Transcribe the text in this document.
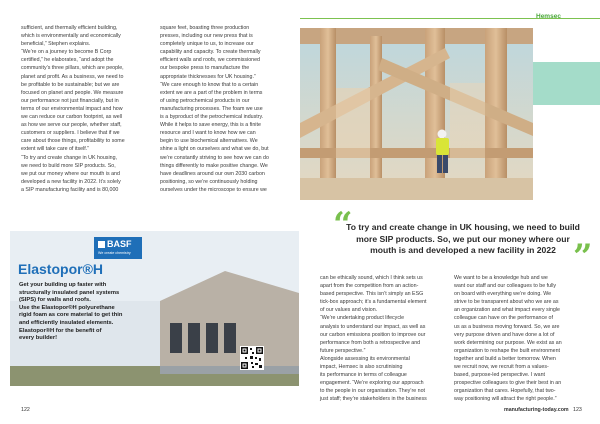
Hemsec
sufficient, and thermally efficient building,
which is environmentally and economically
beneficial,” Stephen explains.
“We’re on a journey to become B Corp
certified,” he elaborates, “and adopt the
community’s three pillars, which are people,
planet and profit. As a business, we need to
be profitable to be sustainable; but we are
focused on planet and people. We measure
our performance not just financially, but in
terms of our environmental impact and how
we can reduce our carbon footprint, as well
as how we serve our people, whether staff,
customers or suppliers. I believe that if we
care about those things, profitability to some
extent will take care of itself.”
“To try and create change in UK housing,
we need to build more SIP products. So,
we put our money where our mouth is and
developed a new facility in 2022. It’s solely
a SIP manufacturing facility and is 80,000
square feet, boasting three production
presses, including our new press that is
completely unique to us, to increase our
capability and capacity. To create thermally
efficient walls and roofs, we commissioned
our bespoke press to manufacture the
appropriate thicknesses for UK housing.”
“We care enough to know that to a certain
extent we are a part of the problem in terms
of using petrochemical products in our
manufacturing processes. The foam we use
is a byproduct of the petrochemical industry.
While it helps to save energy, this is a finite
resource and I want to know how we can
begin to use biochemical alternatives. We
shine a light on ourselves and what we do, but
we’re constantly striving to see how we can do
things differently to make positive change. We
have deadlines around our own 2030 carbon
positioning, so we’re continuously holding
ourselves under the microscope to ensure we
BASF
We create chemistry
Elastopor®H
Get your building up faster with
structurally insulated panel systems
(SIPS) for walls and roofs.
Use the Elastopor®H polyurethane
rigid foam as core material to get thin
and efficiently insulated elements.
Elastopor®H for the benefit of
every builder!
“
To try and create change in UK housing, we need to build more SIP products. So, we put our money where our mouth is and developed a new facility in 2022 ”
can be ethically sound, which I think sets us
apart from the competition from an action-
based perspective. This isn’t simply an ESG
tick-box approach; it’s a fundamental element
of our values and vision.
“We’re undertaking product lifecycle
analysis to understand our impact, as well as
our carbon emissions position to improve our
performance from both a retrospective and
future perspective.”
Alongside assessing its environmental
impact, Hemsec is also scrutinising
its performance in terms of colleague
engagement. “We’re exploring our approach
to the people in our organisation. They’re not
just staff; they’re stakeholders in the business
We want to be a knowledge hub and we
want our staff and our colleagues to be fully
on board with everything we’re doing. We
strive to be transparent about who we are as
an organization and what impact every single
colleague can have on the performance of
us as a business moving forward. So, we are
very purpose driven and have done a lot of
work determining our purpose. We exist as an
organization to reshape the built environment
together and build a better tomorrow. When
we recruit now, we recruit from a values-
based, purpose-led perspective. I want
prospective colleagues to give their best in an
organization that cares. Hopefully, that two-
way positioning will attract the right people.”
122	manufacturing-today.com 123
